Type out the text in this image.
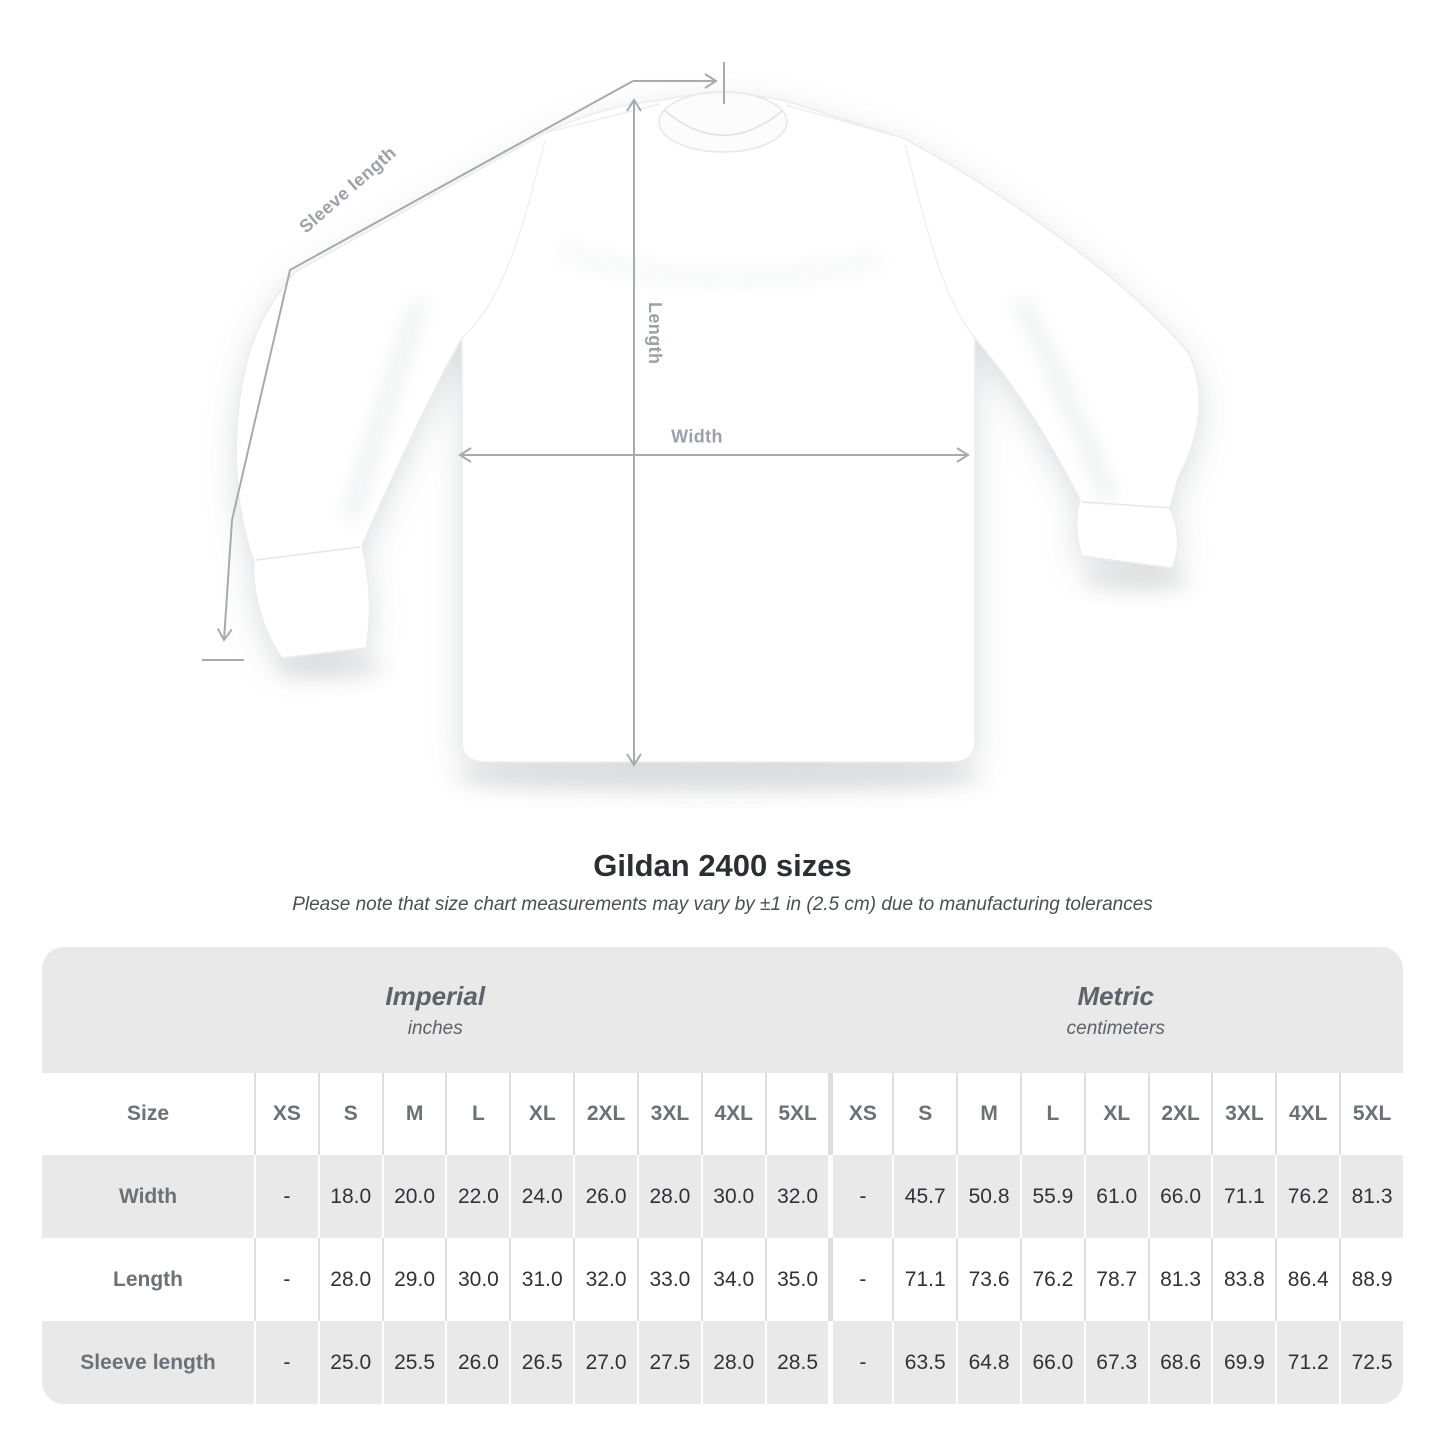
Sleeve length
Length
Width
Gildan 2400 sizes
Please note that size chart measurements may vary by ±1 in (2.5 cm) due to manufacturing tolerances
Imperial
inches
Metric
centimeters
Size	XS	S	M	L	XL	2XL	3XL	4XL	5XL	XS	S	M	L	XL	2XL	3XL	4XL	5XL
Width	-	18.0	20.0	22.0	24.0	26.0	28.0	30.0	32.0	-	45.7	50.8	55.9	61.0	66.0	71.1	76.2	81.3
Length	-	28.0	29.0	30.0	31.0	32.0	33.0	34.0	35.0	-	71.1	73.6	76.2	78.7	81.3	83.8	86.4	88.9
Sleeve length	-	25.0	25.5	26.0	26.5	27.0	27.5	28.0	28.5	-	63.5	64.8	66.0	67.3	68.6	69.9	71.2	72.5
